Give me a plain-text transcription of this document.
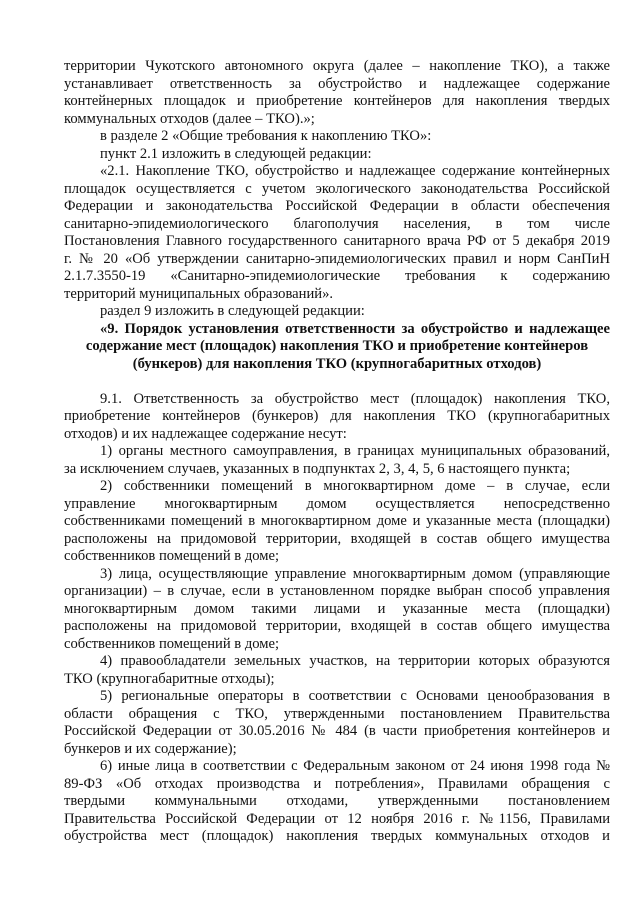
территории Чукотского автономного округа (далее – накопление ТКО), а также
устанавливает ответственность за обустройство и надлежащее содержание
контейнерных площадок и приобретение контейнеров для накопления твердых
коммунальных отходов (далее – ТКО).»;
в разделе 2 «Общие требования к накоплению ТКО»:
пункт 2.1 изложить в следующей редакции:
«2.1. Накопление ТКО, обустройство и надлежащее содержание контейнерных
площадок осуществляется с учетом экологического законодательства Российской
Федерации и законодательства Российской Федерации в области обеспечения
санитарно-эпидемиологического благополучия населения, в том числе
Постановления Главного государственного санитарного врача РФ от 5 декабря 2019
г. № 20 «Об утверждении санитарно-эпидемиологических правил и норм СанПиН
2.1.7.3550-19 «Санитарно-эпидемиологические требования к содержанию
территорий муниципальных образований».
раздел 9 изложить в следующей редакции:
«9. Порядок установления ответственности за обустройство и надлежащее
содержание мест (площадок) накопления ТКО и приобретение контейнеров
(бункеров) для накопления ТКО (крупногабаритных отходов)
9.1. Ответственность за обустройство мест (площадок) накопления ТКО,
приобретение контейнеров (бункеров) для накопления ТКО (крупногабаритных
отходов) и их надлежащее содержание несут:
1) органы местного самоуправления, в границах муниципальных образований,
за исключением случаев, указанных в подпунктах 2, 3, 4, 5, 6 настоящего пункта;
2) собственники помещений в многоквартирном доме – в случае, если
управление многоквартирным домом осуществляется непосредственно
собственниками помещений в многоквартирном доме и указанные места (площадки)
расположены на придомовой территории, входящей в состав общего имущества
собственников помещений в доме;
3) лица, осуществляющие управление многоквартирным домом (управляющие
организации) – в случае, если в установленном порядке выбран способ управления
многоквартирным домом такими лицами и указанные места (площадки)
расположены на придомовой территории, входящей в состав общего имущества
собственников помещений в доме;
4) правообладатели земельных участков, на территории которых образуются
ТКО (крупногабаритные отходы);
5) региональные операторы в соответствии с Основами ценообразования в
области обращения с ТКО, утвержденными постановлением Правительства
Российской Федерации от 30.05.2016 № 484 (в части приобретения контейнеров и
бункеров и их содержание);
6) иные лица в соответствии с Федеральным законом от 24 июня 1998 года №
89-ФЗ «Об отходах производства и потребления», Правилами обращения с
твердыми коммунальными отходами, утвержденными постановлением
Правительства Российской Федерации от 12 ноября 2016 г. №1156, Правилами
обустройства мест (площадок) накопления твердых коммунальных отходов и
